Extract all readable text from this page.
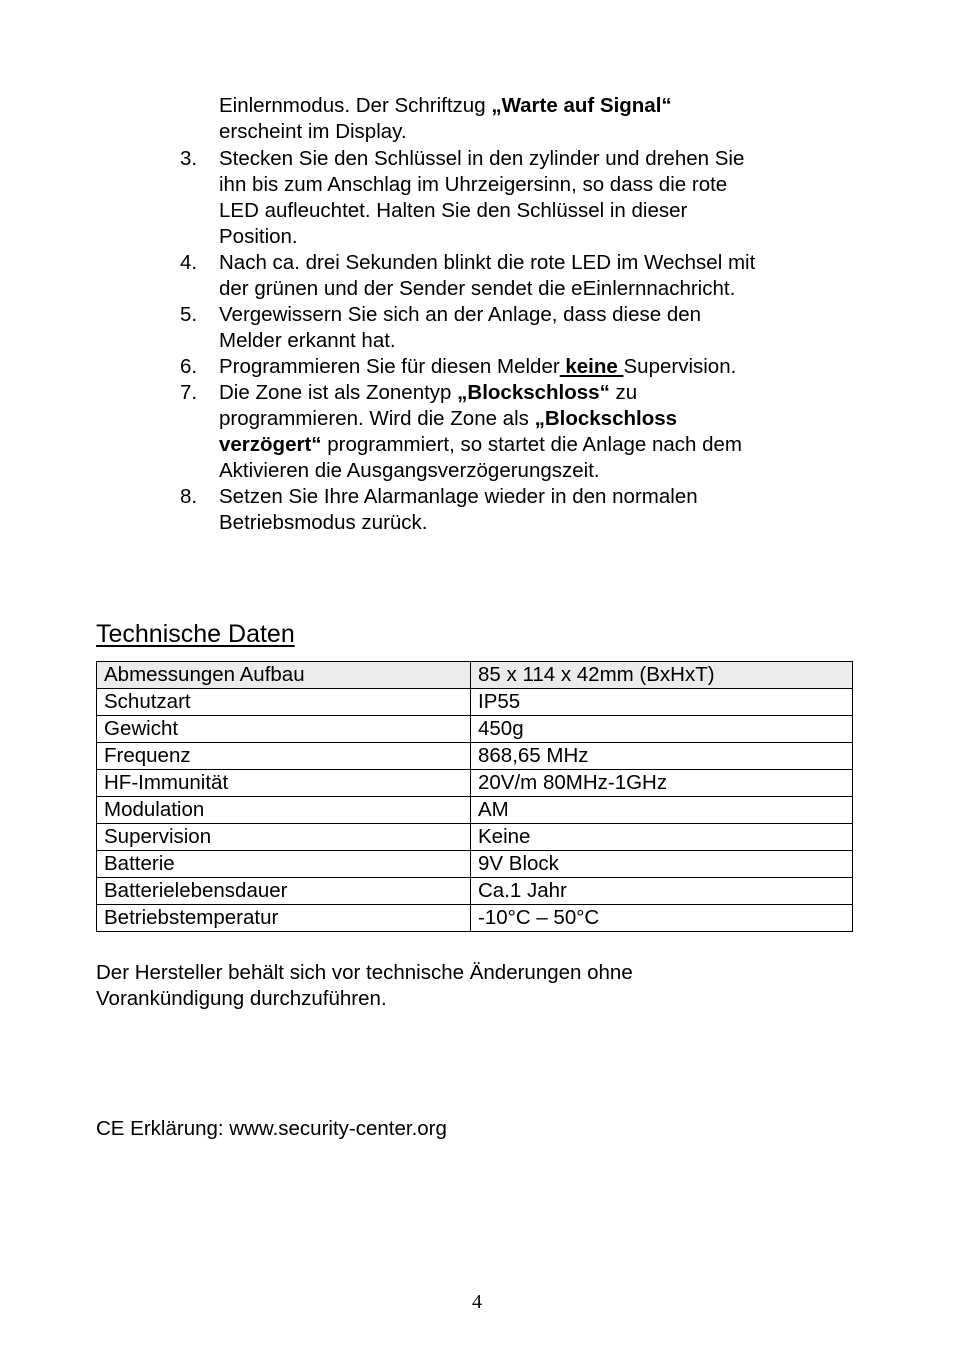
Einlernmodus. Der Schriftzug „Warte auf Signal“
erscheint im Display.
3. Stecken Sie den Schlüssel in den zylinder und drehen Sie
ihn bis zum Anschlag im Uhrzeigersinn, so dass die rote
LED aufleuchtet. Halten Sie den Schlüssel in dieser
Position.
4. Nach ca. drei Sekunden blinkt die rote LED im Wechsel mit
der grünen und der Sender sendet die eEinlernnachricht.
5. Vergewissern Sie sich an der Anlage, dass diese den
Melder erkannt hat.
6. Programmieren Sie für diesen Melder keine Supervision.
7. Die Zone ist als Zonentyp „Blockschloss“ zu
programmieren. Wird die Zone als „Blockschloss
verzögert“ programmiert, so startet die Anlage nach dem
Aktivieren die Ausgangsverzögerungszeit.
8. Setzen Sie Ihre Alarmanlage wieder in den normalen
Betriebsmodus zurück.
Technische Daten
Abmessungen Aufbau	85 x 114 x 42mm (BxHxT)
Schutzart	IP55
Gewicht	450g
Frequenz	868,65 MHz
HF-Immunität	20V/m 80MHz-1GHz
Modulation	AM
Supervision	Keine
Batterie	9V Block
Batterielebensdauer	Ca.1 Jahr
Betriebstemperatur	-10°C – 50°C
Der Hersteller behält sich vor technische Änderungen ohne
Vorankündigung durchzuführen.
CE Erklärung: www.security-center.org
4
